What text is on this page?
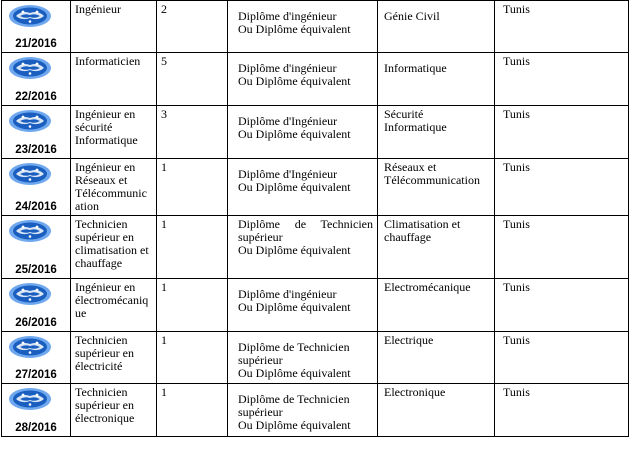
21/2016	Ingénieur	2	Diplôme d'ingénieur
Ou Diplôme équivalent	Génie Civil	Tunis

22/2016	Informaticien	5	Diplôme d'ingénieur
Ou Diplôme équivalent	Informatique	Tunis

23/2016	Ingénieur en
sécurité
Informatique	3	Diplôme d'Ingénieur
Ou Diplôme équivalent	Sécurité
Informatique	Tunis

24/2016	Ingénieur en
Réseaux et
Télécommunic
ation	1	Diplôme d'Ingénieur
Ou Diplôme équivalent	Réseaux et
Télécommunication	Tunis

25/2016	Technicien
supérieur en
climatisation et
chauffage	1	Diplôme de Technicien
supérieur
Ou Diplôme équivalent	Climatisation et
chauffage	Tunis

26/2016	Ingénieur en
électromécaniq
ue	1	Diplôme d'ingénieur
Ou Diplôme équivalent	Electromécanique	Tunis

27/2016	Technicien
supérieur en
électricité	1	Diplôme de Technicien
supérieur
Ou Diplôme équivalent	Electrique	Tunis

28/2016	Technicien
supérieur en
électronique	1	Diplôme de Technicien
supérieur
Ou Diplôme équivalent	Electronique	Tunis
